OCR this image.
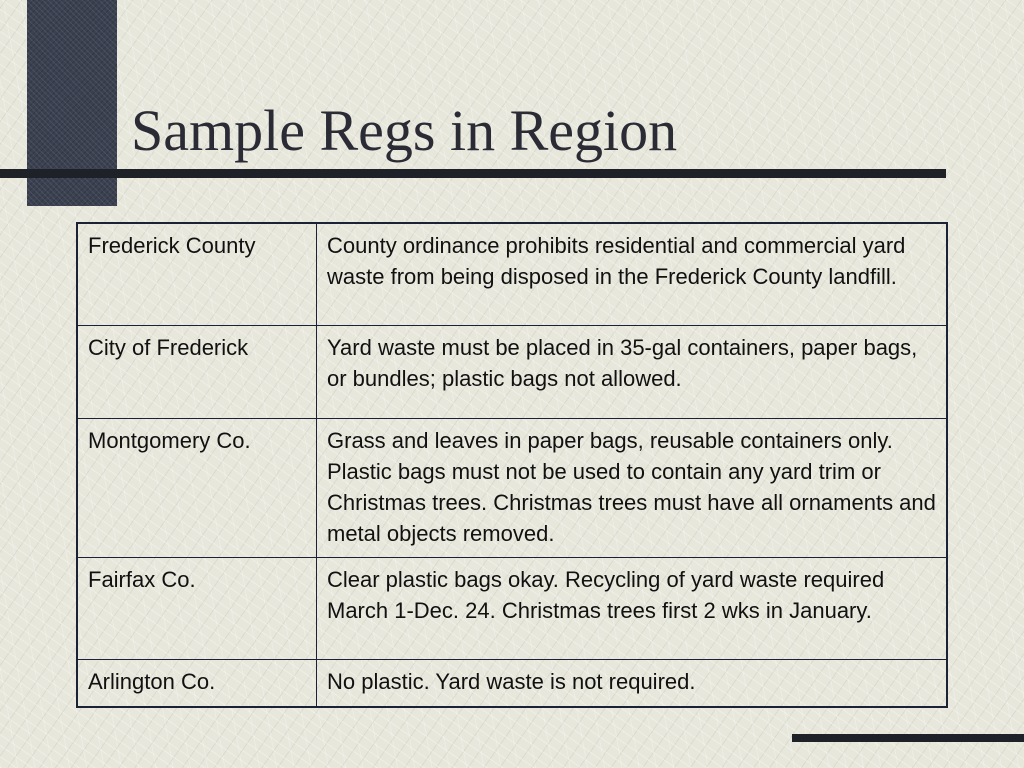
Sample Regs in Region
Frederick County	County ordinance prohibits residential and commercial yard waste from being disposed in the Frederick County landfill.
City of Frederick	Yard waste must be placed in 35-gal containers, paper bags, or bundles; plastic bags not allowed.
Montgomery Co.	Grass and leaves in paper bags, reusable containers only. Plastic bags must not be used to contain any yard trim or Christmas trees. Christmas trees must have all ornaments and metal objects removed.
Fairfax Co.	Clear plastic bags okay. Recycling of yard waste required March 1-Dec. 24. Christmas trees first 2 wks in January.
Arlington Co.	No plastic. Yard waste is not required.
